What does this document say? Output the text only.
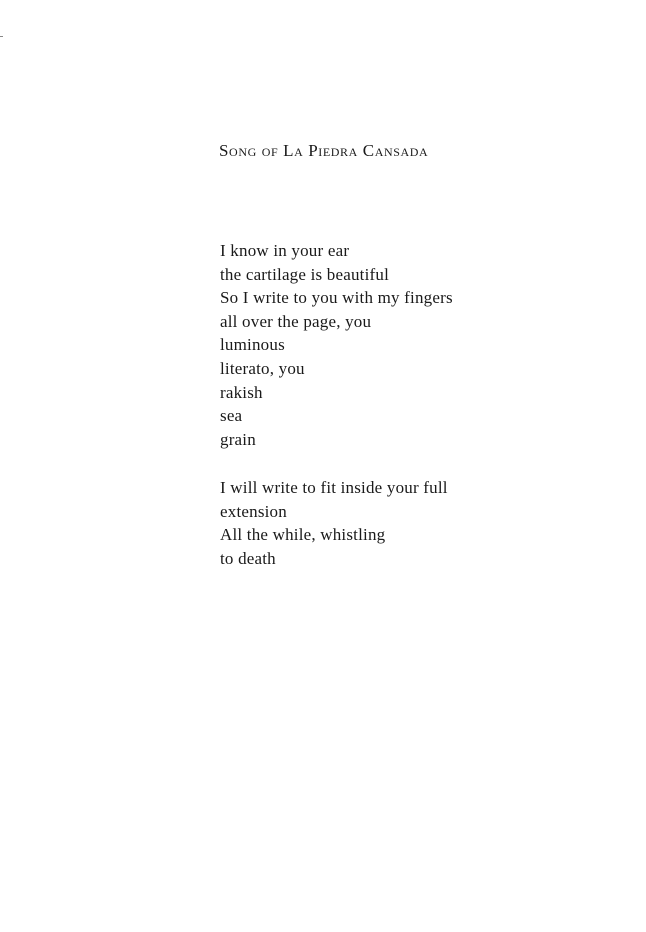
Song of La Piedra Cansada
I know in your ear
the cartilage is beautiful
So I write to you with my fingers
all over the page, you
luminous
literato, you
rakish
sea
grain
I will write to fit inside your full
extension
All the while, whistling
to death
